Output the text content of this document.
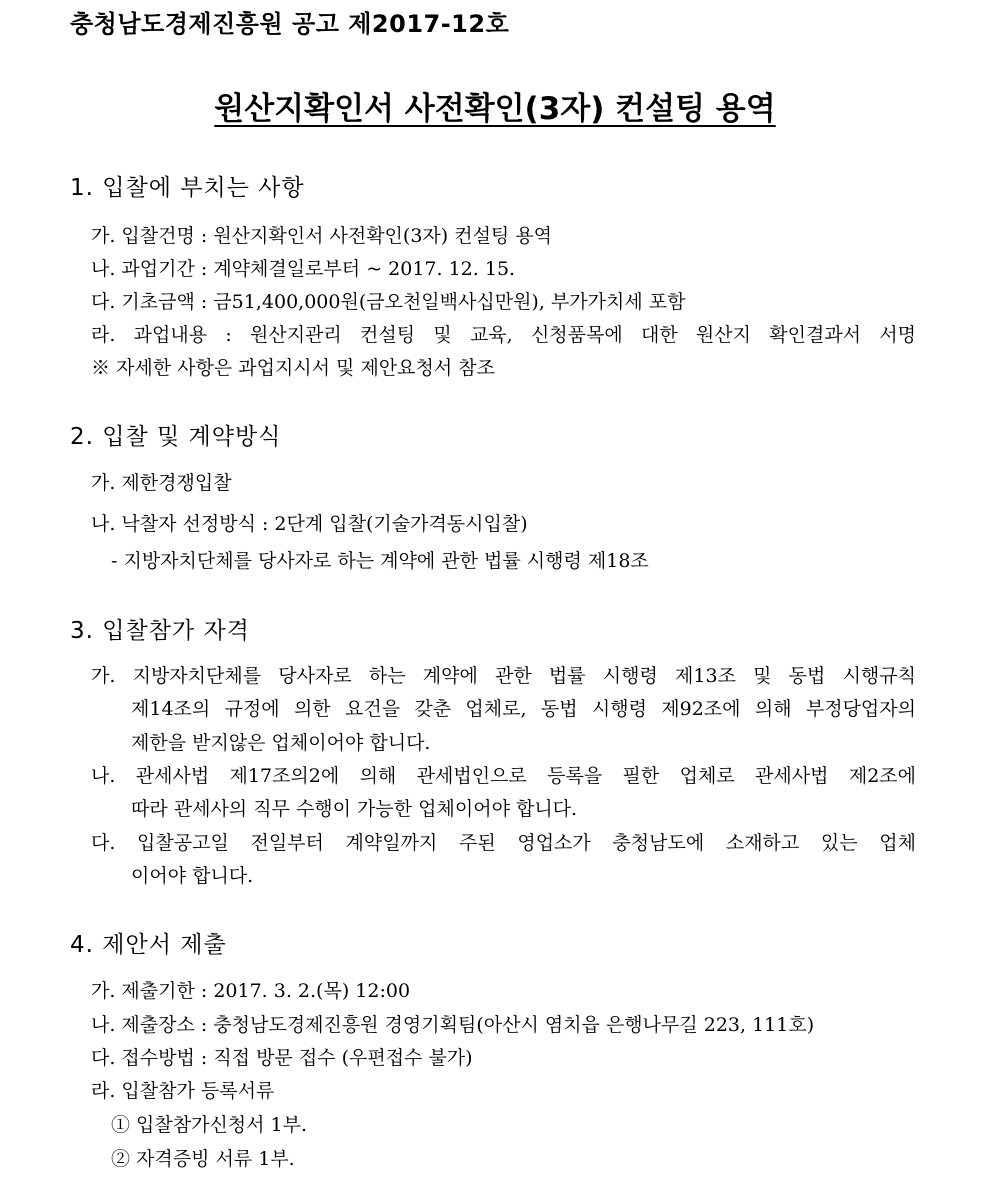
충청남도경제진흥원 공고 제2017-12호
원산지확인서 사전확인(3자) 컨설팅 용역
1. 입찰에 부치는 사항
가. 입찰건명 : 원산지확인서 사전확인(3자) 컨설팅 용역
나. 과업기간 : 계약체결일로부터 ~ 2017. 12. 15.
다. 기초금액 : 금51,400,000원(금오천일백사십만원), 부가가치세 포함
라. 과업내용 : 원산지관리 컨설팅 및 교육, 신청품목에 대한 원산지 확인결과서 서명
※ 자세한 사항은 과업지시서 및 제안요청서 참조
2. 입찰 및 계약방식
가. 제한경쟁입찰
나. 낙찰자 선정방식 : 2단계 입찰(기술가격동시입찰)
- 지방자치단체를 당사자로 하는 계약에 관한 법률 시행령 제18조
3. 입찰참가 자격
가. 지방자치단체를 당사자로 하는 계약에 관한 법률 시행령 제13조 및 동법 시행규칙
제14조의 규정에 의한 요건을 갖춘 업체로, 동법 시행령 제92조에 의해 부정당업자의
제한을 받지않은 업체이어야 합니다.
나. 관세사법 제17조의2에 의해 관세법인으로 등록을 필한 업체로 관세사법 제2조에
따라 관세사의 직무 수행이 가능한 업체이어야 합니다.
다. 입찰공고일 전일부터 계약일까지 주된 영업소가 충청남도에 소재하고 있는 업체
이어야 합니다.
4. 제안서 제출
가. 제출기한 : 2017. 3. 2.(목) 12:00
나. 제출장소 : 충청남도경제진흥원 경영기획팀(아산시 염치읍 은행나무길 223, 111호)
다. 접수방법 : 직접 방문 접수 (우편접수 불가)
라. 입찰참가 등록서류
① 입찰참가신청서 1부.
② 자격증빙 서류 1부.
